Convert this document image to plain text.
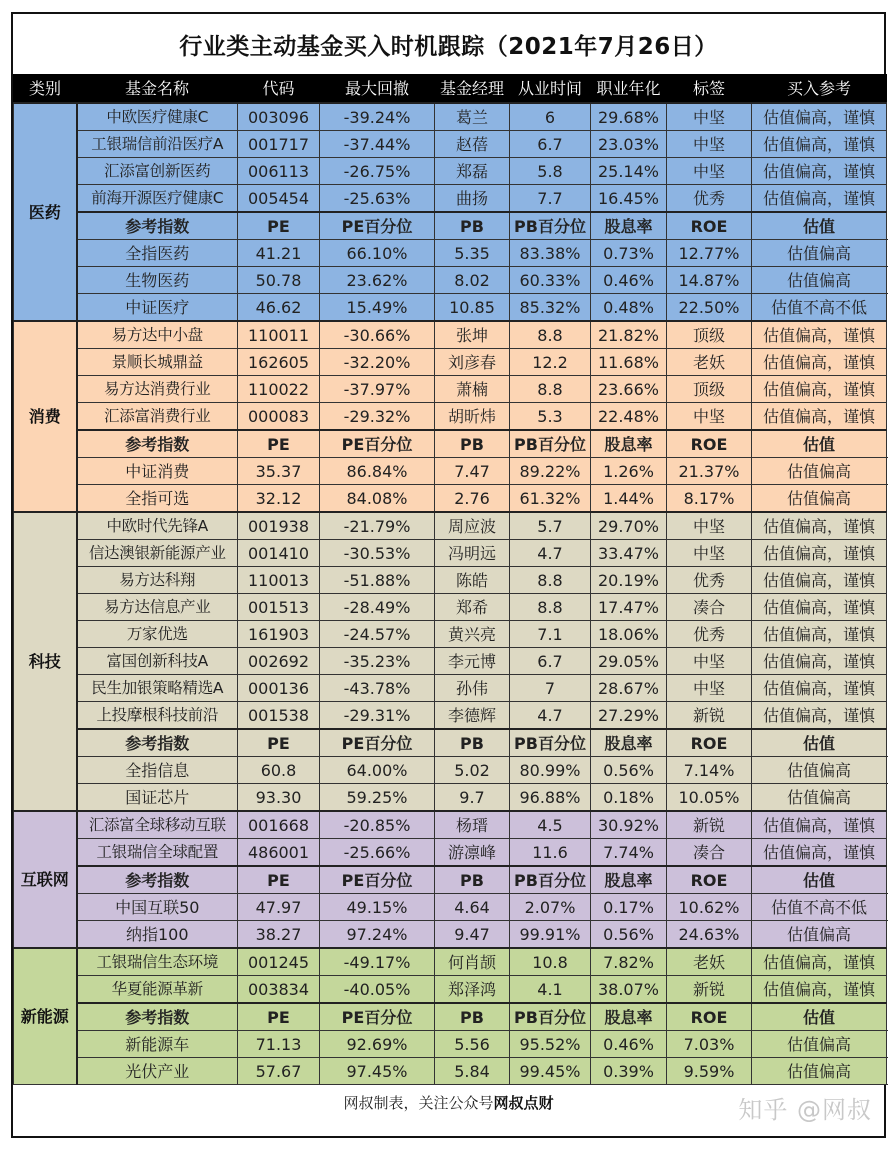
行业类主动基金买入时机跟踪（2021年7月26日）
类别	基金名称	代码	最大回撤	基金经理	从业时间	职业年化	标签	买入参考
医药	中欧医疗健康C	003096	-39.24%	葛兰	6	29.68%	中坚	估值偏高，谨慎
	工银瑞信前沿医疗A	001717	-37.44%	赵蓓	6.7	23.03%	中坚	估值偏高，谨慎
	汇添富创新医药	006113	-26.75%	郑磊	5.8	25.14%	中坚	估值偏高，谨慎
	前海开源医疗健康C	005454	-25.63%	曲扬	7.7	16.45%	优秀	估值偏高，谨慎
	参考指数	PE	PE百分位	PB	PB百分位	股息率	ROE	估值
	全指医药	41.21	66.10%	5.35	83.38%	0.73%	12.77%	估值偏高
	生物医药	50.78	23.62%	8.02	60.33%	0.46%	14.87%	估值偏高
	中证医疗	46.62	15.49%	10.85	85.32%	0.48%	22.50%	估值不高不低
消费	易方达中小盘	110011	-30.66%	张坤	8.8	21.82%	顶级	估值偏高，谨慎
	景顺长城鼎益	162605	-32.20%	刘彦春	12.2	11.68%	老妖	估值偏高，谨慎
	易方达消费行业	110022	-37.97%	萧楠	8.8	23.66%	顶级	估值偏高，谨慎
	汇添富消费行业	000083	-29.32%	胡昕炜	5.3	22.48%	中坚	估值偏高，谨慎
	参考指数	PE	PE百分位	PB	PB百分位	股息率	ROE	估值
	中证消费	35.37	86.84%	7.47	89.22%	1.26%	21.37%	估值偏高
	全指可选	32.12	84.08%	2.76	61.32%	1.44%	8.17%	估值偏高
科技	中欧时代先锋A	001938	-21.79%	周应波	5.7	29.70%	中坚	估值偏高，谨慎
	信达澳银新能源产业	001410	-30.53%	冯明远	4.7	33.47%	中坚	估值偏高，谨慎
	易方达科翔	110013	-51.88%	陈皓	8.8	20.19%	优秀	估值偏高，谨慎
	易方达信息产业	001513	-28.49%	郑希	8.8	17.47%	凑合	估值偏高，谨慎
	万家优选	161903	-24.57%	黄兴亮	7.1	18.06%	优秀	估值偏高，谨慎
	富国创新科技A	002692	-35.23%	李元博	6.7	29.05%	中坚	估值偏高，谨慎
	民生加银策略精选A	000136	-43.78%	孙伟	7	28.67%	中坚	估值偏高，谨慎
	上投摩根科技前沿	001538	-29.31%	李德辉	4.7	27.29%	新锐	估值偏高，谨慎
	参考指数	PE	PE百分位	PB	PB百分位	股息率	ROE	估值
	全指信息	60.8	64.00%	5.02	80.99%	0.56%	7.14%	估值偏高
	国证芯片	93.30	59.25%	9.7	96.88%	0.18%	10.05%	估值偏高
互联网	汇添富全球移动互联	001668	-20.85%	杨瑨	4.5	30.92%	新锐	估值偏高，谨慎
	工银瑞信全球配置	486001	-25.66%	游凛峰	11.6	7.74%	凑合	估值偏高，谨慎
	参考指数	PE	PE百分位	PB	PB百分位	股息率	ROE	估值
	中国互联50	47.97	49.15%	4.64	2.07%	0.17%	10.62%	估值不高不低
	纳指100	38.27	97.24%	9.47	99.91%	0.56%	24.63%	估值偏高
新能源	工银瑞信生态环境	001245	-49.17%	何肖颉	10.8	7.82%	老妖	估值偏高，谨慎
	华夏能源革新	003834	-40.05%	郑泽鸿	4.1	38.07%	新锐	估值偏高，谨慎
	参考指数	PE	PE百分位	PB	PB百分位	股息率	ROE	估值
	新能源车	71.13	92.69%	5.56	95.52%	0.46%	7.03%	估值偏高
	光伏产业	57.67	97.45%	5.84	99.45%	0.39%	9.59%	估值偏高
网叔制表，关注公众号网叔点财	知乎 @网叔
